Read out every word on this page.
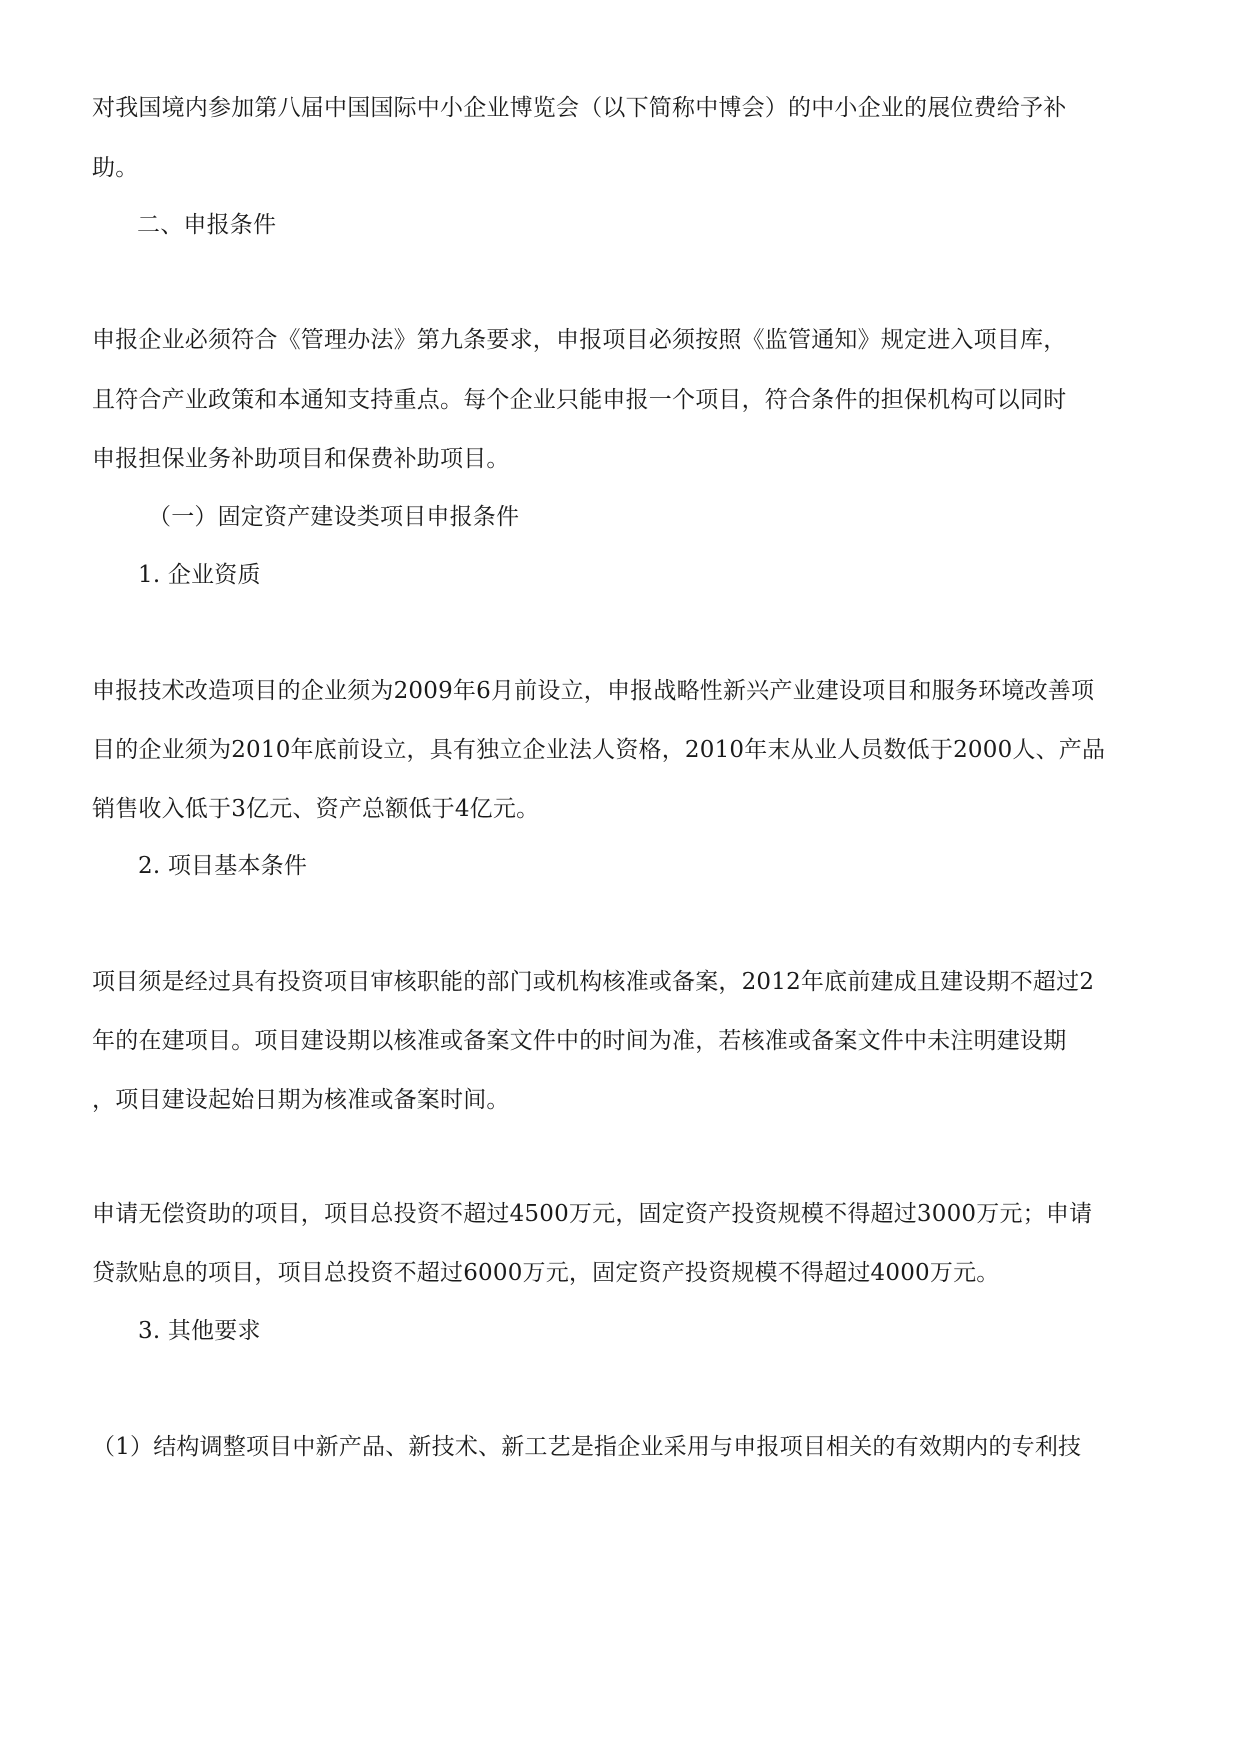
对我国境内参加第八届中国国际中小企业博览会（以下简称中博会）的中小企业的展位费给予补

助。

二、申报条件

申报企业必须符合《管理办法》第九条要求，申报项目必须按照《监管通知》规定进入项目库，

且符合产业政策和本通知支持重点。每个企业只能申报一个项目，符合条件的担保机构可以同时

申报担保业务补助项目和保费补助项目。

（一）固定资产建设类项目申报条件

1. 企业资质

申报技术改造项目的企业须为2009年6月前设立，申报战略性新兴产业建设项目和服务环境改善项

目的企业须为2010年底前设立，具有独立企业法人资格，2010年末从业人员数低于2000人、产品

销售收入低于3亿元、资产总额低于4亿元。

2. 项目基本条件

项目须是经过具有投资项目审核职能的部门或机构核准或备案，2012年底前建成且建设期不超过2

年的在建项目。项目建设期以核准或备案文件中的时间为准，若核准或备案文件中未注明建设期

，项目建设起始日期为核准或备案时间。

申请无偿资助的项目，项目总投资不超过4500万元，固定资产投资规模不得超过3000万元；申请

贷款贴息的项目，项目总投资不超过6000万元，固定资产投资规模不得超过4000万元。

3. 其他要求

（1）结构调整项目中新产品、新技术、新工艺是指企业采用与申报项目相关的有效期内的专利技
